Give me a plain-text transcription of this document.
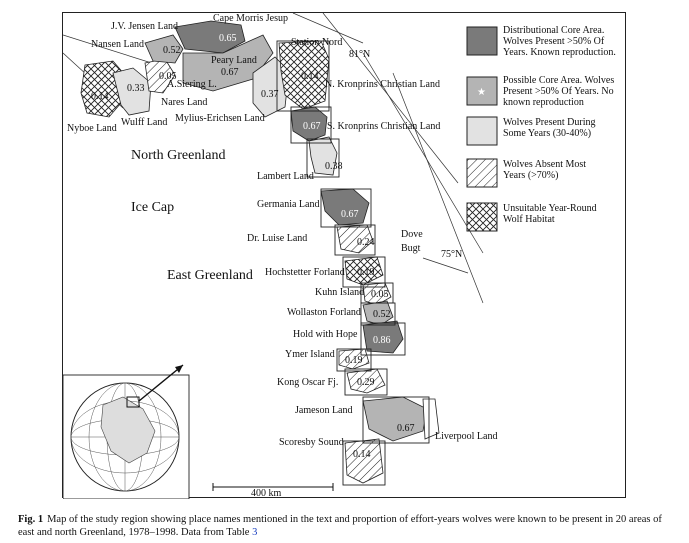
400 km
★
J.V. Jensen Land
Cape Morris Jesup
Nansen Land	Station Nord
81°N
Peary Land
A.Siering L.	N. Kronprins Christian Land
Nares Land
Wulff Land Mylius-Erichsen Land
Nyboe Land	S. Kronprins Christian Land
North Greenland
Lambert Land
Ice Cap	Germania Land
Dr. Luise Land	Dove
Bugt
75°N
East Greenland Hochstetter Forland
Kuhn Island
Wollaston Forland
Hold with Hope
Ymer Island
Kong Oscar Fj.
Jameson Land
Liverpool Land
Scoresby Sound
0.65
0.52
0.67	0.14
0.05
0.33
0.14	0.37
0.67
0.38
0.67
0.24
0.19
0.05
0.52
0.86
0.19
0.29
0.67
0.14
Distributional Core Area.
Wolves Present >50% Of
Years. Known reproduction.
Possible Core Area. Wolves
Present >50% Of Years. No
known reproduction
Wolves Present During
Some Years (30-40%)
Wolves Absent Most
Years (>70%)
Unsuitable Year-Round
Wolf Habitat
Fig. 1 Map of the study region showing place names mentioned in the text and proportion of effort-years wolves were known to be present in 20 areas of east and north Greenland, 1978–1998. Data from Table 3
